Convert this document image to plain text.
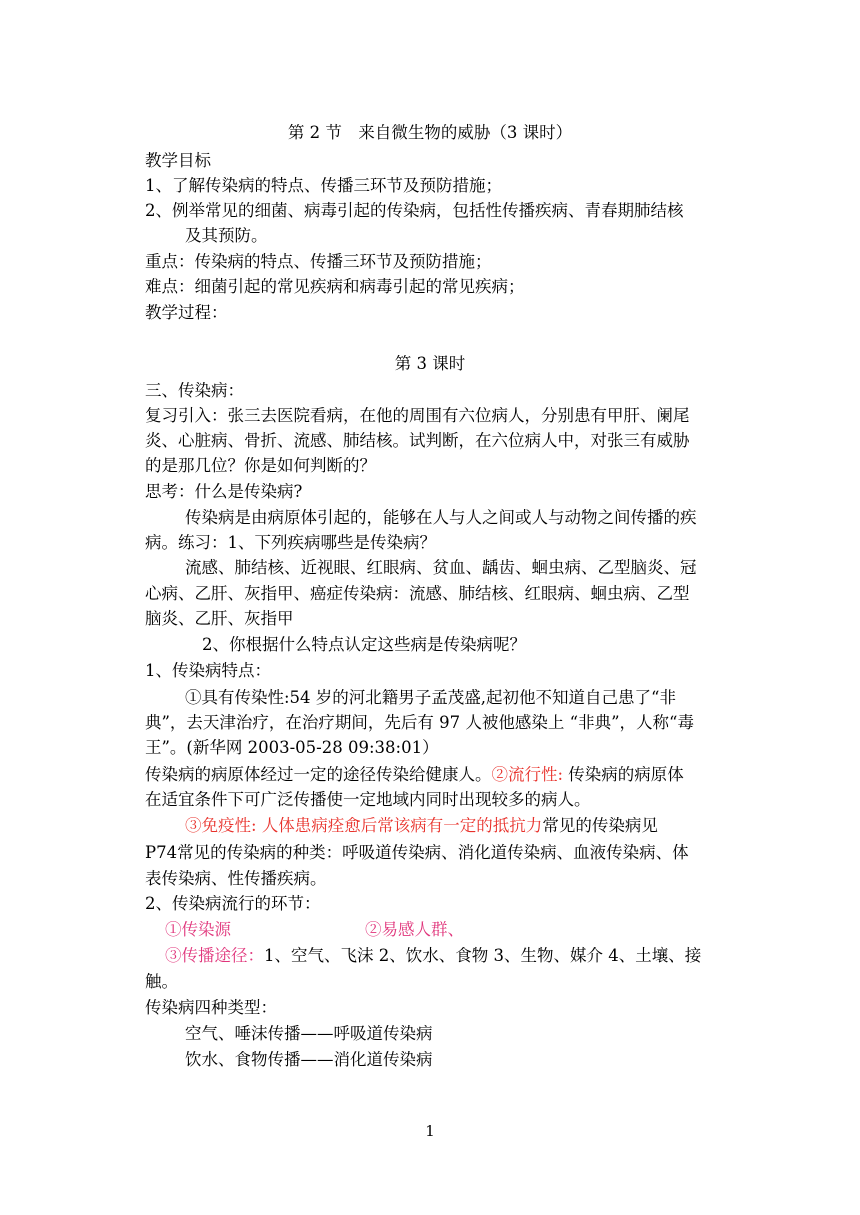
第 2 节　来自微生物的威胁（3 课时）
教学目标
1、了解传染病的特点、传播三环节及预防措施；
2、例举常见的细菌、病毒引起的传染病，包括性传播疾病、青春期肺结核
及其预防。
重点：传染病的特点、传播三环节及预防措施；
难点：细菌引起的常见疾病和病毒引起的常见疾病；
教学过程：
第 3 课时
三、传染病：
复习引入：张三去医院看病，在他的周围有六位病人，分别患有甲肝、阑尾
炎、心脏病、骨折、流感、肺结核。试判断，在六位病人中，对张三有威胁
的是那几位？你是如何判断的？
思考：什么是传染病?
传染病是由病原体引起的，能够在人与人之间或人与动物之间传播的疾
病。练习：1、下列疾病哪些是传染病？
流感、肺结核、近视眼、红眼病、贫血、龋齿、蛔虫病、乙型脑炎、冠
心病、乙肝、灰指甲、癌症传染病：流感、肺结核、红眼病、蛔虫病、乙型
脑炎、乙肝、灰指甲
2、你根据什么特点认定这些病是传染病呢？
1、传染病特点：
①具有传染性:54 岁的河北籍男子孟茂盛,起初他不知道自己患了“非
典”，去天津治疗，在治疗期间，先后有 97 人被他感染上 “非典”，人称“毒
王”。(新华网 2003-05-28 09:38:01）
传染病的病原体经过一定的途径传染给健康人。②流行性: 传染病的病原体
在适宜条件下可广泛传播使一定地域内同时出现较多的病人。
③免疫性: 人体患病痊愈后常该病有一定的抵抗力常见的传染病见
P74常见的传染病的种类：呼吸道传染病、消化道传染病、血液传染病、体
表传染病、性传播疾病。
2、传染病流行的环节：
①传染源	②易感人群、
③传播途径：1、空气、飞沫 2、饮水、食物 3、生物、媒介 4、土壤、接
触。
传染病四种类型：
空气、唾沫传播——呼吸道传染病
饮水、食物传播——消化道传染病
1
